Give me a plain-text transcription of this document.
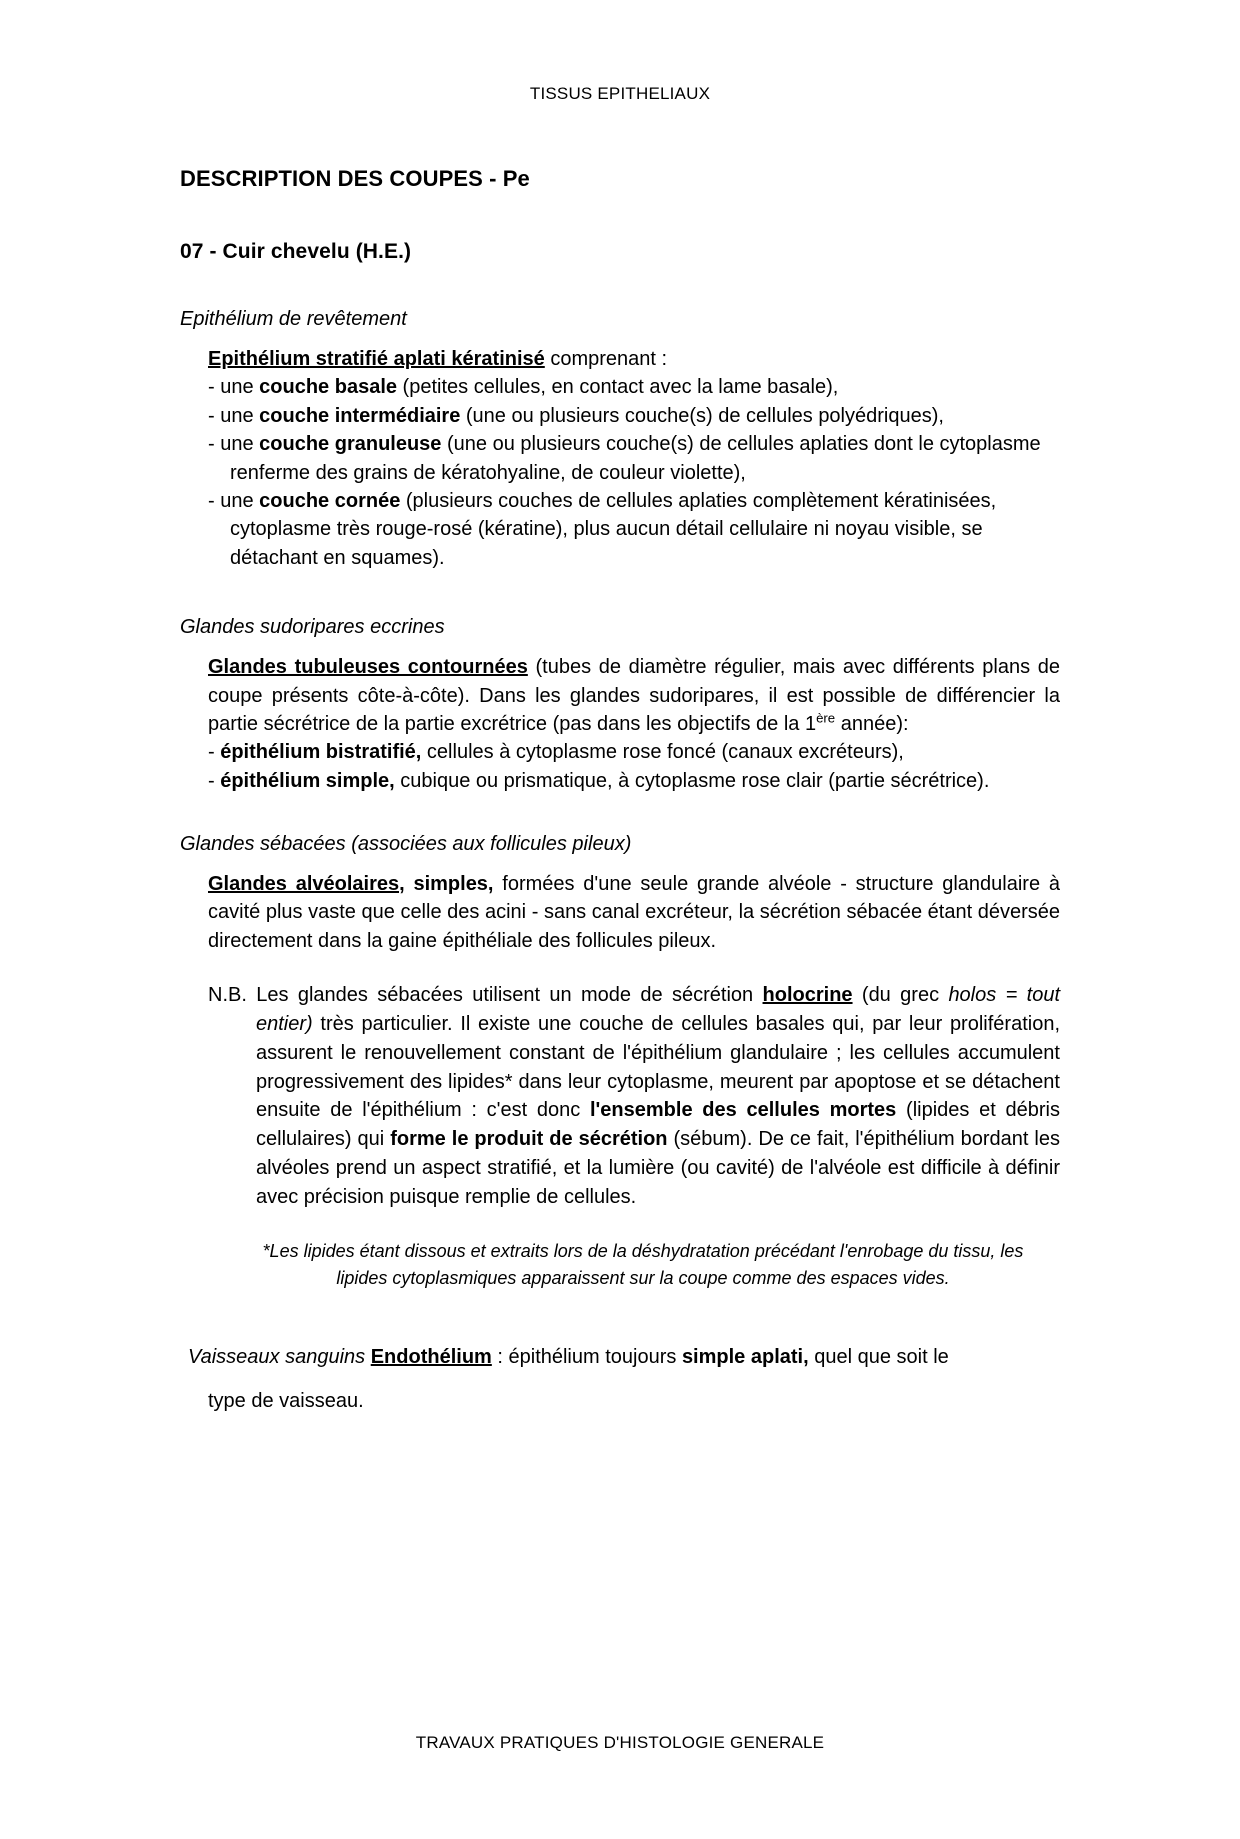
TISSUS EPITHELIAUX
DESCRIPTION DES COUPES - Pe
07 - Cuir chevelu (H.E.)
Epithélium de revêtement
Epithélium stratifié aplati kératinisé comprenant :
- une couche basale (petites cellules, en contact avec la lame basale),
- une couche intermédiaire (une ou plusieurs couche(s) de cellules polyédriques),
- une couche granuleuse (une ou plusieurs couche(s) de cellules aplaties dont le cytoplasme renferme des grains de kératohyaline, de couleur violette),
- une couche cornée (plusieurs couches de cellules aplaties complètement kératinisées, cytoplasme très rouge-rosé (kératine), plus aucun détail cellulaire ni noyau visible, se détachant en squames).
Glandes sudoripares eccrines
Glandes tubuleuses contournées (tubes de diamètre régulier, mais avec différents plans de coupe présents côte-à-côte). Dans les glandes sudoripares, il est possible de différencier la partie sécrétrice de la partie excrétrice (pas dans les objectifs de la 1ère année):
- épithélium bistratifié, cellules à cytoplasme rose foncé (canaux excréteurs),
- épithélium simple, cubique ou prismatique, à cytoplasme rose clair (partie sécrétrice).
Glandes sébacées (associées aux follicules pileux)
Glandes alvéolaires, simples, formées d'une seule grande alvéole - structure glandulaire à cavité plus vaste que celle des acini - sans canal excréteur, la sécrétion sébacée étant déversée directement dans la gaine épithéliale des follicules pileux.
N.B. Les glandes sébacées utilisent un mode de sécrétion holocrine (du grec holos = tout entier) très particulier. Il existe une couche de cellules basales qui, par leur prolifération, assurent le renouvellement constant de l'épithélium glandulaire ; les cellules accumulent progressivement des lipides* dans leur cytoplasme, meurent par apoptose et se détachent ensuite de l'épithélium : c'est donc l'ensemble des cellules mortes (lipides et débris cellulaires) qui forme le produit de sécrétion (sébum). De ce fait, l'épithélium bordant les alvéoles prend un aspect stratifié, et la lumière (ou cavité) de l'alvéole est difficile à définir avec précision puisque remplie de cellules.
*Les lipides étant dissous et extraits lors de la déshydratation précédant l'enrobage du tissu, les lipides cytoplasmiques apparaissent sur la coupe comme des espaces vides.
Vaisseaux sanguins Endothélium : épithélium toujours simple aplati, quel que soit le
type de vaisseau.
TRAVAUX PRATIQUES D'HISTOLOGIE GENERALE
